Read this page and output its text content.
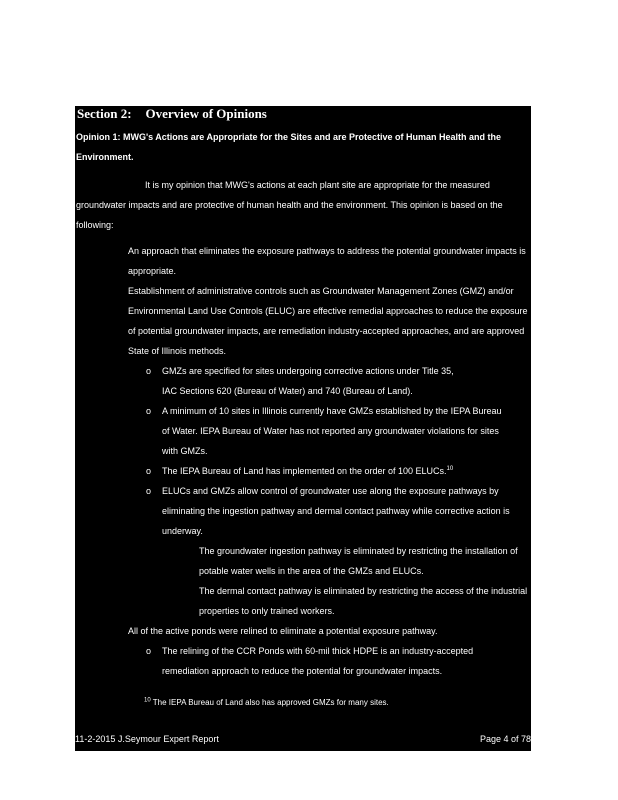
Section 2: Overview of Opinions
Opinion 1: MWG's Actions are Appropriate for the Sites and are Protective of Human Health and the Environment.
It is my opinion that MWG's actions at each plant site are appropriate for the measured groundwater impacts and are protective of human health and the environment. This opinion is based on the following:
An approach that eliminates the exposure pathways to address the potential groundwater impacts is appropriate.
Establishment of administrative controls such as Groundwater Management Zones (GMZ) and/or Environmental Land Use Controls (ELUC) are effective remedial approaches to reduce the exposure of potential groundwater impacts, are remediation industry-accepted approaches, and are approved State of Illinois methods.
o GMZs are specified for sites undergoing corrective actions under Title 35, IAC Sections 620 (Bureau of Water) and 740 (Bureau of Land).
o A minimum of 10 sites in Illinois currently have GMZs established by the IEPA Bureau of Water. IEPA Bureau of Water has not reported any groundwater violations for sites with GMZs.
o The IEPA Bureau of Land has implemented on the order of 100 ELUCs.$^{10}$
o ELUCs and GMZs allow control of groundwater use along the exposure pathways by eliminating the ingestion pathway and dermal contact pathway while corrective action is underway.
The groundwater ingestion pathway is eliminated by restricting the installation of potable water wells in the area of the GMZs and ELUCs.
The dermal contact pathway is eliminated by restricting the access of the industrial properties to only trained workers.
All of the active ponds were relined to eliminate a potential exposure pathway.
o The relining of the CCR Ponds with 60-mil thick HDPE is an industry-accepted remediation approach to reduce the potential for groundwater impacts.
$^{10}$ The IEPA Bureau of Land also has approved GMZs for many sites.
11-2-2015 J.Seymour Expert Report	Page 4 of 78
